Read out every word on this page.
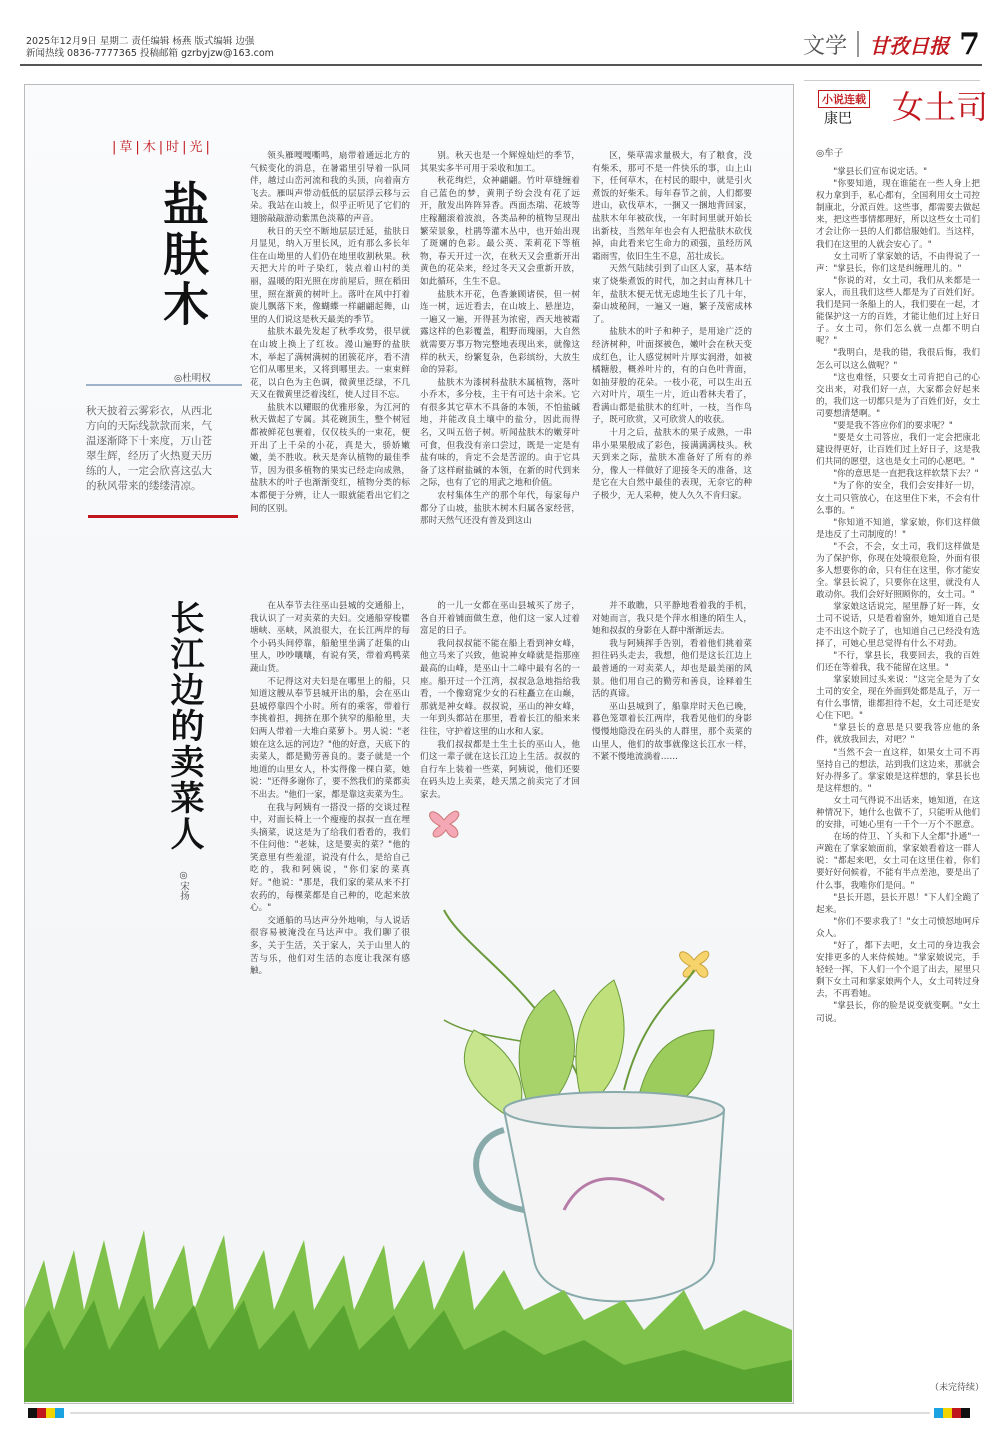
2025年12月9日 星期二 责任编辑 杨燕 版式编辑 边强
新闻热线 0836-7777365 投稿邮箱 gzrbyjzw@163.com	文学 甘孜日报 7
|草|木|时|光|
盐肤木
◎杜明权
秋天披着云雾彩衣，从西北方向的天际线款款而来，气温逐渐降下十来度，万山苍翠生辉，经历了火热夏天历练的人，一定会欣喜这弘大的秋风带来的缕缕清凉。

领头雁嘎嘎嘶鸣，扇带着通远北方的气候变化的消息，在暑霜里引导着一队同伴，越过山峦河流和我的头顶，向着南方飞去。雁叫声带动低低的层层浮云移与云朵。我站在山坡上，似乎正听见了它们的翅膀敲敲游动紫黑色淡幕的声音。

秋日的天空不断地层层迁延，盐肤日月显见，纳入万里长风，近有那么多长年住在山坳里的人们仍在地里收割秋果。秋天把大片的叶子染红，装点着山村的美丽，温暖的阳光照在房前屋后，照在稻田里，照在渐黄的树叶上。落叶在风中打着旋儿飘落下来，像蝴蝶一样翩翩起舞，山里的人们说这是秋天最美的季节。

盐肤木最先发起了秋季攻势，很早就在山坡上换上了红妆。漫山遍野的盐肤木，举起了满树满树的团簇花序，看不清它们从哪里来，又将到哪里去。一束束鲜花，以白色为主色调，微黄里泛绿，不几天又在微黄里泛着浅红，使人过目不忘。

盐肤木以耀眼的优雅形象，为江河的秋天做起了专属。其花碗顶生，整个树冠都被鲜花包裹着，仅仅枝头的一束花，便开出了上千朵的小花，真是大，骄娇嫩嫩，美不胜收。秋天是奔认植物的最佳季节，因为很多植物的果实已经走向成熟，盐肤木的叶子也渐渐变红，植物分类的标本都便于分辨，让人一眼就能看出它们之间的区别。

别。秋天也是一个辉煌灿烂的季节，其果实多半可用于采收和加工。

秋花绚烂，众神翩翩。竹叶草缝缠着自己蓝色的梦，黄荆子纷会没有花了远开，散发出阵阵异香。西面杰瑞、花坡等庄稼翻滚着波浪，各类品种的植物呈现出繁荣景象，杜鹃等灌木丛中，也开始出现了斑斓的色彩。最公英、茉莉花下等植物，春天开过一次，在秋天又会重新开出黄色的花朵来，经过冬天又会重新开放，如此循环，生生不息。

盐肤木开花，色香兼顾诸侯，但一树连一树，远近看去，在山坡上、悬崖边，一遍又一遍，开得甚为浓密，西天地被霜露这样的色彩覆盖，粗野而瑰丽，大自然就需要万事万物完整地表现出来，就像这样的秋天，纷繁复杂，色彩缤纷，大放生命的异彩。

盐肤木为漆树科盐肤木属植物，落叶小乔木，多分枝，主干有可达十余米。它有很多其它草木不具备的本领，不怕盐碱地，并能改良土壤中的盐分，因此而得名，又叫五倍子树。听闻盐肤木的嫩芽叶可食，但我没有亲口尝过，既是一定是有盐有味的，肯定不会是苦涩的。由于它具备了这样耐盐碱的本领，在新的时代到来之际，也有了它的用武之地和价值。

农村集体生产的那个年代，每家每户都分了山坡，盐肤木树木归属各家经营，那时天然气还没有普及到这山

区，柴草需求量极大，有了粮食，没有柴禾，那可不是一件快乐的事，山上山下，任何草木，在村民的眼中，就是引火煮饭的好柴禾。每年春节之前，人们都要进山，砍伐草木，一捆又一捆地背回家，盐肤木年年被砍伐，一年时间里就开始长出新枝，当然年年也会有人把盐肤木砍伐掉，由此看来它生命力的顽强，虽经历风霜雨雪，依旧生生不息，茁壮成长。

天然气陆续引到了山区人家，基本结束了烧柴煮饭的时代，加之封山育林几十年，盐肤木便无忧无虑地生长了几十年，秦山坡秘间，一遍又一遍，繁子茂密成林了。

盐肤木的叶子和种子，是用途广泛的经济树种，叶面探被色，嫩叶会在秋天变成红色，让人感觉树叶片厚实润滑，如被橘糖般，概养叶片的，有的白色叶背面，如抽芽般的花朵。一枝小花，可以生出五六对叶片，项生一片，近山看林夫看了，看满山都是盐肤木的红叶，一枝，当作鸟子，既可欣赏，又可欣赏人的收获。

十月之后，盐肤木的果子成熟，一串串小果果般成了彩色，接满满满枝头。秋天到来之际，盐肤木准备好了所有的养分，像人一样做好了迎接冬天的准备，这是它在大自然中最佳的表现，无奈它的种子极少，无人采种，使人久久不肯归家。

长江边的卖菜人
◎宋扬

在从奉节去往巫山县城的交通船上，我认识了一对卖菜的夫妇。交通船穿梭瞿塘峡、巫峡，风浪很大，在长江两岸的每个小码头间停靠，船舱里坐满了赶集的山里人，吵吵嚷嚷，有说有笑，带着鸡鸭菜蔬山货。

不记得这对夫妇是在哪里上的船，只知道这艘从奉节县城开出的船，会在巫山县城停靠四个小时。所有的乘客，带着行李挑着担，拥挤在那个狭窄的船舱里，夫妇两人带着一大堆白菜萝卜。男人说："老娘在这么远的河边？"他的好意，天底下的卖菜人，都是勤劳善良的。妻子就是一个地道的山里女人，朴实得像一棵白菜，她说："还得多谢你了，要不然我们的菜都卖不出去。"他们一家，都是靠这卖菜为生。

在我与阿姨有一搭没一搭的交谈过程中，对面长椅上一个瘦瘦的叔叔一直在埋头摘菜，说这是为了给我们看看的，我们不住问他："老妹，这是要卖的菜？"他的笑意里有些羞涩，说没有什么，是给自己吃的，我和阿姨说，"你们家的菜真好。"他说："那是，我们家的菜从来不打农药的，每棵菜都是自己种的，吃起来放心。"

交通船的马达声分外地响，与人说话很容易被淹没在马达声中。我们聊了很多，关于生活，关于家人，关于山里人的苦与乐，他们对生活的态度让我深有感触。

的一儿一女都在巫山县城买了房子，各自开着铺面做生意，他们这一家人过着富足的日子。

我问叔叔能不能在船上看到神女峰，他立马来了兴致，他说神女峰就是指那座最高的山峰，是巫山十二峰中最有名的一座。船开过一个江湾，叔叔急急地指给我看，一个像窈窕少女的石柱矗立在山巅，那就是神女峰。叔叔说，巫山的神女峰，一年到头都站在那里，看着长江的船来来往往，守护着这里的山水和人家。

我们叔叔都是土生土长的巫山人，他们这一辈子就在这长江边上生活。叔叔的自行车上装着一些菜，阿姨说，他们还要在码头边上卖菜，趁天黑之前卖完了才回家去。

并不敢瞧，只平静地看着我的手机，对她而言，我只是个萍水相逢的陌生人，她和叔叔的身影在人群中渐渐远去。

我与阿姨挥手告别，看着他们挑着菜担往码头走去，我想，他们是这长江边上最普通的一对卖菜人，却也是最美丽的风景。他们用自己的勤劳和善良，诠释着生活的真谛。

巫山县城到了，船靠岸时天色已晚，暮色笼罩着长江两岸，我看见他们的身影慢慢地隐没在码头的人群里，那个卖菜的山里人，他们的故事就像这长江水一样，不紧不慢地流淌着……

小说连载 女土司
康巴
◎牟子

"掌县长们宣布说定话。"

"你要知道，现在谁能在一些人身上把权力拿到手，私心都有，全国利用女土司控制康北，分派百姓。这些事，都需要去做起来，把这些事情都理好，所以这些女土司们才会让你一县的人们都信服她们。当这样，我们在这里的人就会安心了。"

女土司听了掌家娘的话，不由得说了一声："掌县长，你们这是纠缠理儿的。"

"你说的对，女土司，我们从来都是一家人，而且我们这些人都是为了百姓们好。我们是同一条船上的人，我们要在一起，才能保护这一方的百姓，才能让他们过上好日子。女土司，你们怎么就一点都不明白呢？"

"我明白，是我的错，我很后悔，我们怎么可以这么做呢？"

"这也难怪，只要女土司肯把自己的心交出来，对我们好一点，大家都会好起来的，我们这一切都只是为了百姓们好，女土司要想清楚啊。"

"要是我不答应你们的要求呢？"

"要是女土司答应，我们一定会把康北建设得更好，让百姓们过上好日子，这是我们共同的愿望，这也是女土司的心愿吧。"

"你的意思是一直把我这样软禁下去？"

"为了你的安全，我们会安排好一切，女土司只管放心，在这里住下来，不会有什么事的。"

"你知道不知道，掌家娘，你们这样做是违反了土司制度的！"

"不会，不会，女土司，我们这样做是为了保护你，你现在处境很危险，外面有很多人想要你的命，只有住在这里，你才能安全。掌县长说了，只要你在这里，就没有人敢动你。我们会好好照顾你的，女土司。"

掌家娘这话说完，屋里静了好一阵，女土司不说话，只是看着窗外，她知道自己是走不出这个院子了，也知道自己已经没有选择了，可她心里总觉得有什么不对劲。

"不行，掌县长，我要回去，我的百姓们还在等着我，我不能留在这里。"

掌家娘回过头来说："这完全是为了女土司的安全，现在外面到处都是乱子，万一有什么事情，谁都担待不起，女土司还是安心住下吧。"

"掌县长的意思是只要我答应他的条件，就放我回去，对吧？"

"当然不会一直这样，如果女土司不再坚持自己的想法，站到我们这边来，那就会好办得多了。掌家娘是这样想的，掌县长也是这样想的。"

女土司气得说不出话来，她知道，在这种情况下，她什么也做不了，只能听从他们的安排，可她心里有一千个一万个不愿意。

在场的侍卫、丫头和下人全都"扑通"一声跪在了掌家娘面前，掌家娘看着这一群人说："都起来吧，女土司在这里住着，你们要好好伺候着，不能有半点差池，要是出了什么事，我唯你们是问。"

"县长开恩，县长开恩！"下人们全跪了起来。

"你们不要求我了！"女土司愤怒地呵斥众人。

"好了，都下去吧，女土司的身边我会安排更多的人来侍候她。"掌家娘说完，手轻轻一挥，下人们一个个退了出去，屋里只剩下女土司和掌家娘两个人，女土司转过身去，不再看她。

"掌县长，你的脸是说变就变啊。"女土司说。

（未完待续）
